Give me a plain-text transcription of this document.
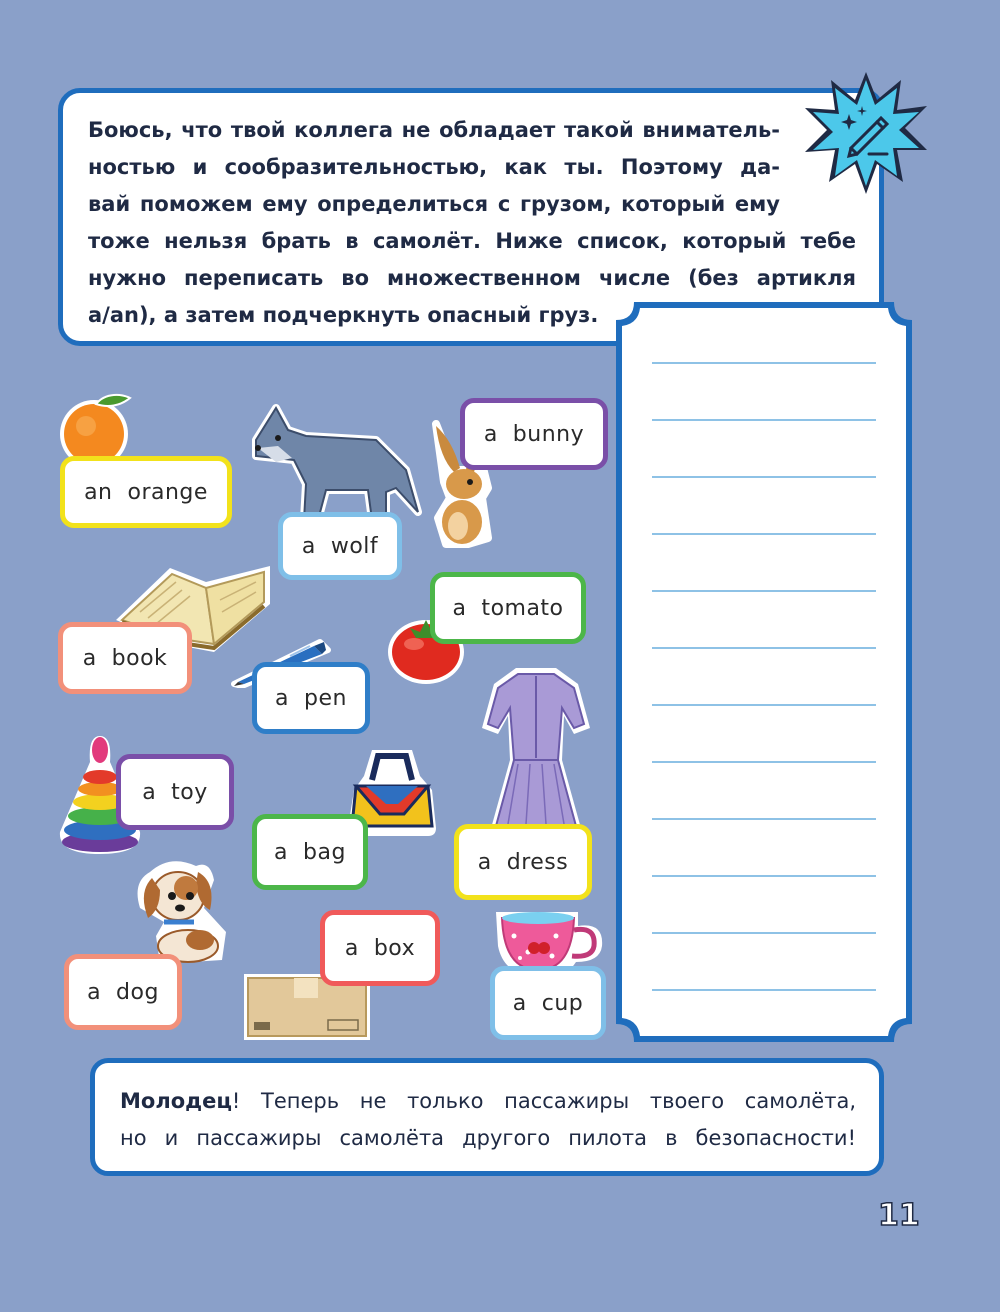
Боюсь, что твой коллега не обладает такой вниматель-
ностью и сообразительностью, как ты. Поэтому да-
вай поможем ему определиться с грузом, который ему
тоже нельзя брать в самолёт. Ниже список, который тебе
нужно переписать во множественном числе (без артикля
a/an), а затем подчеркнуть опасный груз.
an  orange
a  wolf
a  bunny
a  book
a  tomato
a  pen
a  toy
a  bag	a  dress
a  dog
a  box
a  cup
Молодец! Теперь не только пассажиры твоего самолёта,
но и пассажиры самолёта другого пилота в безопасности!
11
